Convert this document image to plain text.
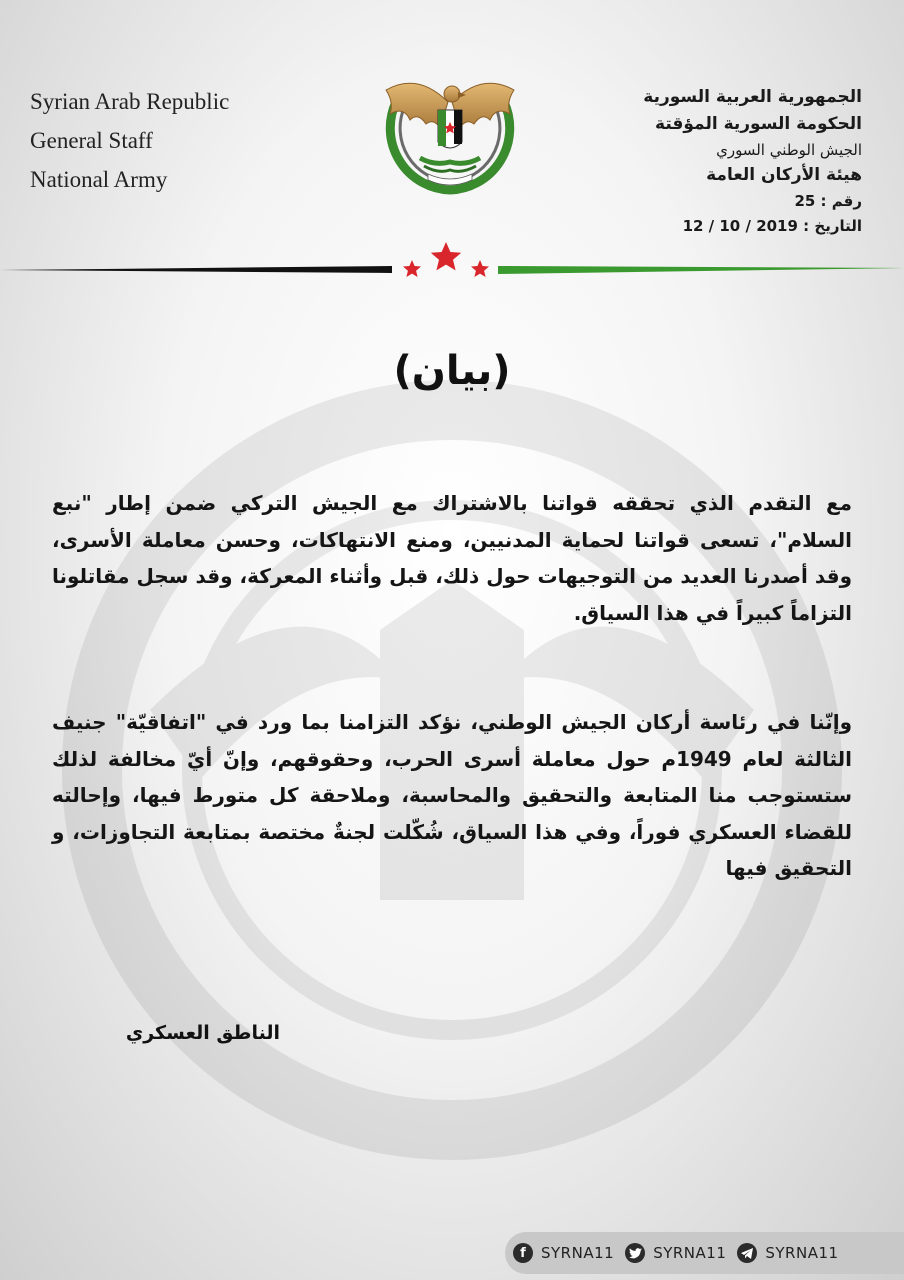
Syrian Arab Republic
General Staff
National Army
الجمهورية العربية السورية
الحكومة السورية المؤقتة
الجيش الوطني السوري
هيئة الأركان العامة
رقم : 25
التاريخ : 2019 / 10 / 12
(بيان)
مع التقدم الذي تحققه قواتنا بالاشتراك مع الجيش التركي ضمن إطار "نبع السلام"، تسعى قواتنا لحماية المدنيين، ومنع الانتهاكات، وحسن معاملة الأسرى، وقد أصدرنا العديد من التوجيهات حول ذلك، قبل وأثناء المعركة، وقد سجل مقاتلونا التزاماً كبيراً في هذا السياق.
وإنّنا في رئاسة أركان الجيش الوطني، نؤكد التزامنا بما ورد في "اتفاقيّة" جنيف الثالثة لعام 1949م حول معاملة أسرى الحرب، وحقوقهم، وإنّ أيّ مخالفة لذلك ستستوجب منا المتابعة والتحقيق والمحاسبة، وملاحقة كل متورط فيها، وإحالته للقضاء العسكري فوراً، وفي هذا السياق، شُكّلت لجنةٌ مختصة بمتابعة التجاوزات، و التحقيق فيها
الناطق العسكري
f	SYRNA11	SYRNA11	SYRNA11
